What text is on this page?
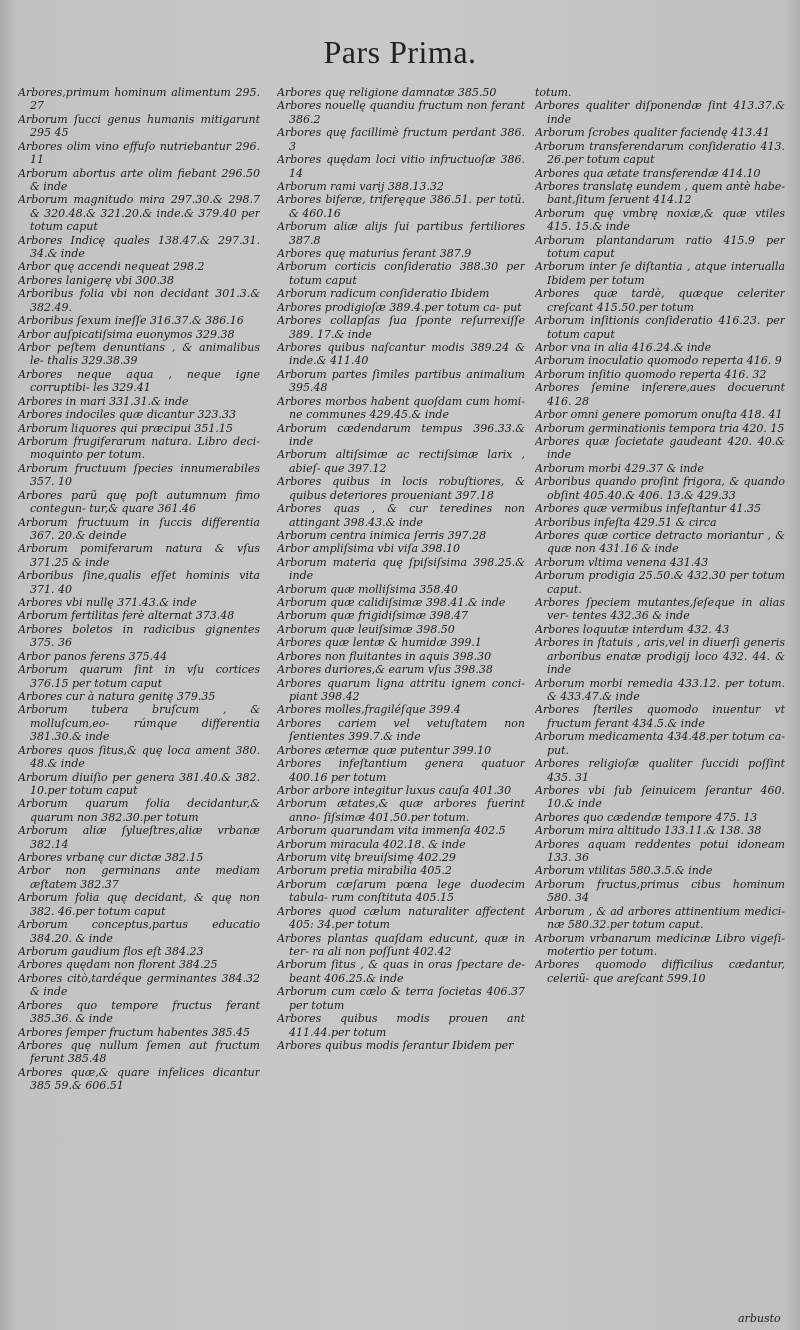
Pars Prima.
Arbores,primum hominum alimentum 295. 27
Arborum ſucci genus humanis mitigarunt 295 45
Arbores olim vino effuſo nutriebantur 296. 11
Arborum abortus arte olim fiebant 296.50 & inde
Arborum magnitudo mira 297.30.& 298.7 & 320.48.& 321.20.& inde.& 379.40 per totum caput
Arbores Indicę quales 138.47.& 297.31. 34.& inde
Arbor quę accendi nequeat 298.2
Arbores lanigerę vbi 300.38
Arboribus folia vbi non decidant 301.3.& 382.49.
Arboribus ſexum ineſſe 316.37.& 386.16
Arbor auſpicatiſsima euonymos 329.38
Arbor peſtem denuntians , & animalibus le- thalis 329.38.39
Arbores neque aqua , neque igne corruptibi- les 329.41
Arbores in mari 331.31.& inde
Arbores indociles quæ dicantur 323.33
Arborum liquores qui præcipui 351.15
Arborum frugiferarum natura. Libro deci- moquinto per totum.
Arborum fructuum ſpecies innumerabiles 357. 10
Arbores parũ quę poſt autumnum fimo contegun- tur,& quare 361.46
Arborum fructuum in ſuccis differentia 367. 20.& deinde
Arborum pomiferarum natura & vſus 371.25 & inde
Arboribus ſine,qualis eſſet hominis vita 371. 40
Arbores vbi nullę 371.43.& inde
Arborum fertilitas ferè alternat 373.48
Arbores boletos in radicibus gignentes 375. 36
Arbor panos ferens 375.44
Arborum quarum ſint in vſu cortices 376.15 per totum caput
Arbores cur à natura genitę 379.35
Arborum tubera bruſcum , & molluſcum,eo- rúmque differentia 381.30.& inde
Arbores quos ſitus,& quę loca ament 380. 48.& inde
Arborum diuiſio per genera 381.40.& 382. 10.per totum caput
Arborum quarum folia decidantur,& quarum non 382.30.per totum
Arborum aliæ ſylueſtres,aliæ vrbanæ 382.14
Arbores vrbanę cur dictæ 382.15
Arbor non germinans ante mediam æſtatem 382.37
Arborum folia quę decidant, & quę non 382. 46.per totum caput
Arborum conceptus,partus educatio 384.20. & inde
Arborum gaudium flos eſt 384.23
Arbores quędam non florent 384.25
Arbores citò,tardéque germinantes 384.32 & inde
Arbores quo tempore fructus ferant 385.36. & inde
Arbores ſemper fructum habentes 385.45
Arbores quę nullum ſemen aut fructum ferunt 385.48
Arbores quæ,& quare infelices dicantur 385 59.& 606.51
Arbores quę religione damnatæ 385.50
Arbores nouellę quandiu fructum non ferant 386.2
Arbores quę facillimè fructum perdant 386. 3
Arbores quędam loci vitio infructuoſæ 386. 14
Arborum rami varij 388.13.32
Arbores biferæ, triferęque 386.51. per totū. & 460.16
Arborum aliæ alijs ſui partibus fertiliores 387.8
Arbores quę maturius ferant 387.9
Arborum corticis conſideratio 388.30 per totum caput
Arborum radicum conſideratio Ibidem
Arbores prodigioſæ 389.4.per totum ca- put
Arbores collapſas ſua ſponte reſurrexiſſe 389. 17.& inde
Arbores quibus naſcantur modis 389.24 & inde.& 411.40
Arborum partes ſimiles partibus animalium 395.48
Arbores morbos habent quoſdam cum homi- ne communes 429.45.& inde
Arborum cædendarum tempus 396.33.& inde
Arborum altiſsimæ ac rectiſsimæ larix , abieſ- que 397.12
Arbores quibus in locis robuſtiores, & quibus deteriores proueniant 397.18
Arbores quas , & cur teredines non attingant 398.43.& inde
Arborum centra inimica ſerris 397.28
Arbor ampliſsima vbi viſa 398.10
Arborum materia quę ſpiſsiſsima 398.25.& inde
Arborum quæ molliſsima 358.40
Arborum quæ calidiſsimæ 398.41.& inde
Arborum quæ frigidiſsimæ 398.47
Arborum quæ leuiſsimæ 398.50
Arbores quæ lentæ & humidæ 399.1
Arbores non fluitantes in aquis 398.30
Arbores duriores,& earum vſus 398.38
Arbores quarum ligna attritu ignem conci- piant 398.42
Arbores molles,fragiléſque 399.4
Arbores cariem vel vetuſtatem non ſentientes 399.7.& inde
Arbores æternæ quæ putentur 399.10
Arbores infeſtantium genera quatuor 400.16 per totum
Arbor arbore integitur luxus cauſa 401.30
Arborum ætates,& quæ arbores fuerint anno- ſiſsimæ 401.50.per totum.
Arborum quarundam vita immenſa 402.5
Arborum miracula 402.18. & inde
Arborum vitę breuiſsimę 402.29
Arborum pretia mirabilia 405.2
Arborum cæſarum pœna lege duodecim tabula- rum conſtituta 405.15
Arbores quod cælum naturaliter affectent 405: 34.per totum
Arbores plantas quaſdam educunt, quæ in ter- ra ali non poſſunt 402.42
Arborum ſitus , & quas in oras ſpectare de- beant 406.25.& inde
Arborum cum cælo & terra ſocietas 406.37 per totum
Arbores quibus modis prouen ant 411.44.per totum
Arbores quibus modis ſerantur Ibidem per
totum.
Arbores qualiter diſponendæ ſint 413.37.& inde
Arborum ſcrobes qualiter faciendę 413.41
Arborum transferendarum conſideratio 413. 26.per totum caput
Arbores qua ætate transferendæ 414.10
Arbores translatę eundem , quem antè habe- bant,ſitum ſeruent 414.12
Arborum quę vmbrę noxiæ,& quæ vtiles 415. 15.& inde
Arborum plantandarum ratio 415.9 per totum caput
Arborum inter ſe diſtantia , atque interualla Ibidem per totum
Arbores quæ tardè, quæque celeriter creſcant 415.50.per totum
Arborum inſitionis conſideratio 416.23. per totum caput
Arbor vna in alia 416.24.& inde
Arborum inoculatio quomodo reperta 416. 9
Arborum inſitio quomodo reperta 416. 32
Arbores ſemine inſerere,aues docuerunt 416. 28
Arbor omni genere pomorum onuſta 418. 41
Arborum germinationis tempora tria 420. 15
Arbores quæ ſocietate gaudeant 420. 40.& inde
Arborum morbi 429.37 & inde
Arboribus quando proſint frigora, & quando obſint 405.40.& 406. 13.& 429.33
Arbores quæ vermibus infeſtantur 41.35
Arboribus infeſta 429.51 & circa
Arbores quæ cortice detracto moriantur , & quæ non 431.16 & inde
Arborum vltima venena 431.43
Arborum prodigia 25.50.& 432.30 per totum caput.
Arbores ſpeciem mutantes,ſeſeque in alias ver- tentes 432.36 & inde
Arbores loquutæ interdum 432. 43
Arbores in ſtatuis , aris,vel in diuerſi generis arboribus enatæ prodigij loco 432. 44. & inde
Arborum morbi remedia 433.12. per totum. & 433.47.& inde
Arbores ſteriles quomodo inuentur vt fructum ferant 434.5.& inde
Arborum medicamenta 434.48.per totum ca- put.
Arbores religioſæ qualiter ſuccidi poſſint 435. 31
Arbores vbi ſub ſeinuicem ſerantur 460. 10.& inde
Arbores quo cædendæ tempore 475. 13
Arborum mira altitudo 133.11.& 138. 38
Arbores aquam reddentes potui idoneam 133. 36
Arborum vtilitas 580.3.5.& inde
Arborum fructus,primus cibus hominum 580. 34
Arborum , & ad arbores attinentium medici- næ 580.32.per totum caput.
Arborum vrbanarum medicinæ Libro vigeſi- motertio per totum.
Arbores quomodo difficilius cædantur, celeriũ- que areſcant 599.10
arbusto
